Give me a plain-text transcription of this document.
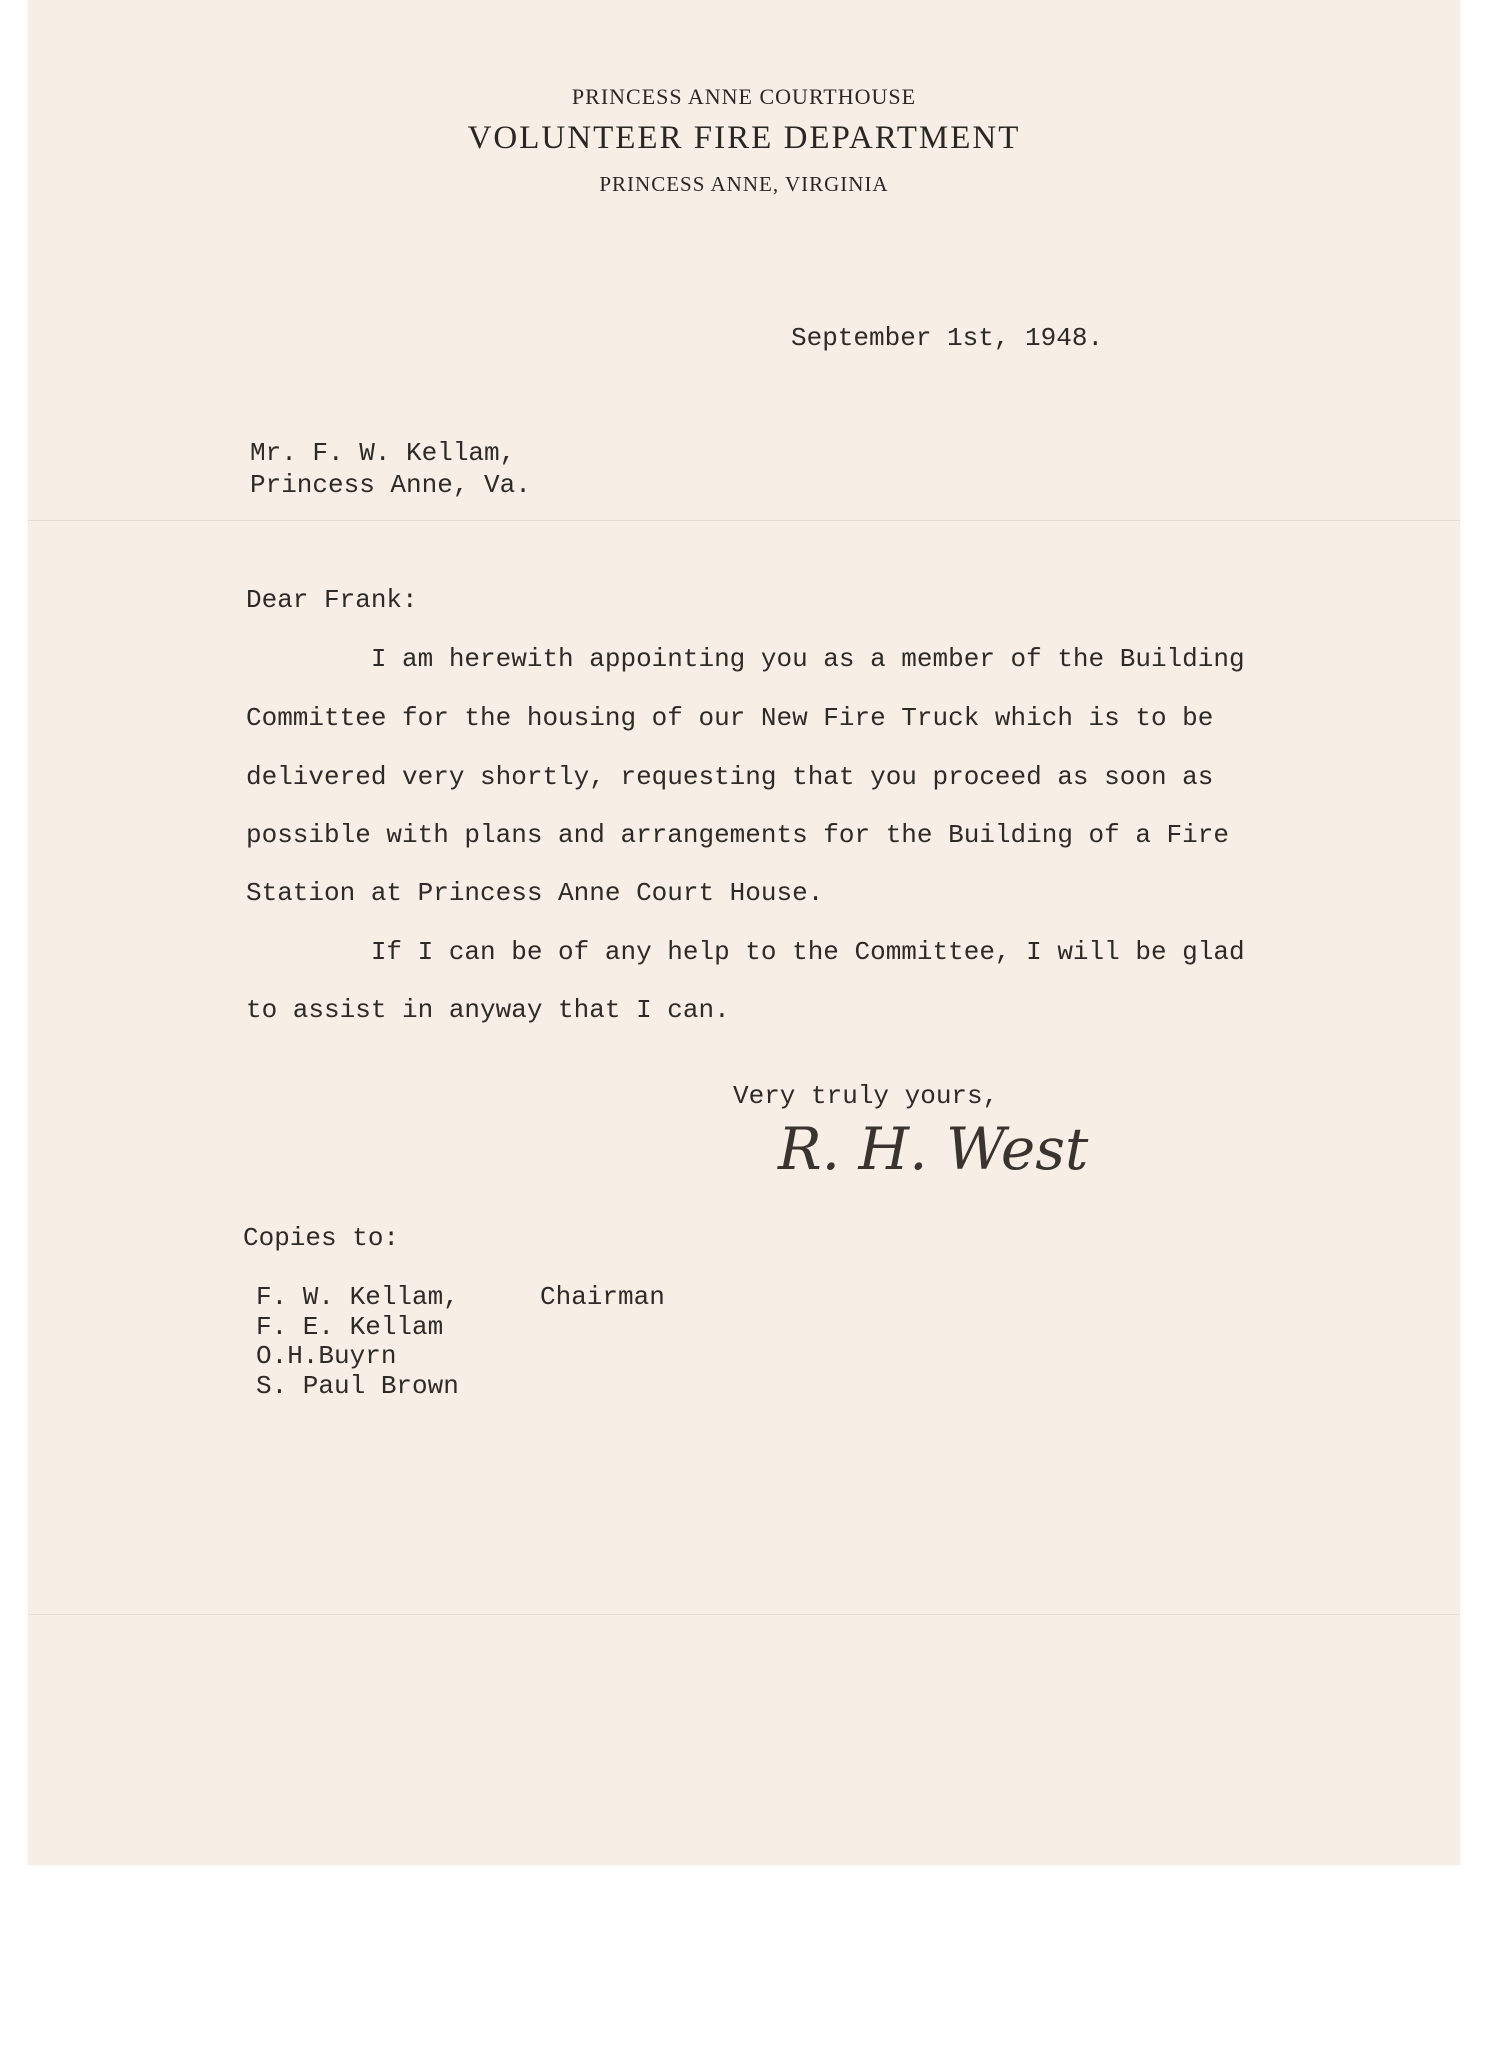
PRINCESS ANNE COURTHOUSE
VOLUNTEER FIRE DEPARTMENT
PRINCESS ANNE, VIRGINIA
September 1st, 1948.
Mr. F. W. Kellam,
Princess Anne, Va.
Dear Frank:
I am herewith appointing you as a member of the Building
Committee for the housing of our New Fire Truck which is to be
delivered very shortly, requesting that you proceed as soon as
possible with plans and arrangements for the Building of a Fire
Station at Princess Anne Court House.
If I can be of any help to the Committee, I will be glad
to assist in anyway that I can.
Very truly yours,
R. H. West
Copies to:
F. W. Kellam,	Chairman
F. E. Kellam
O.H.Buyrn
S. Paul Brown
